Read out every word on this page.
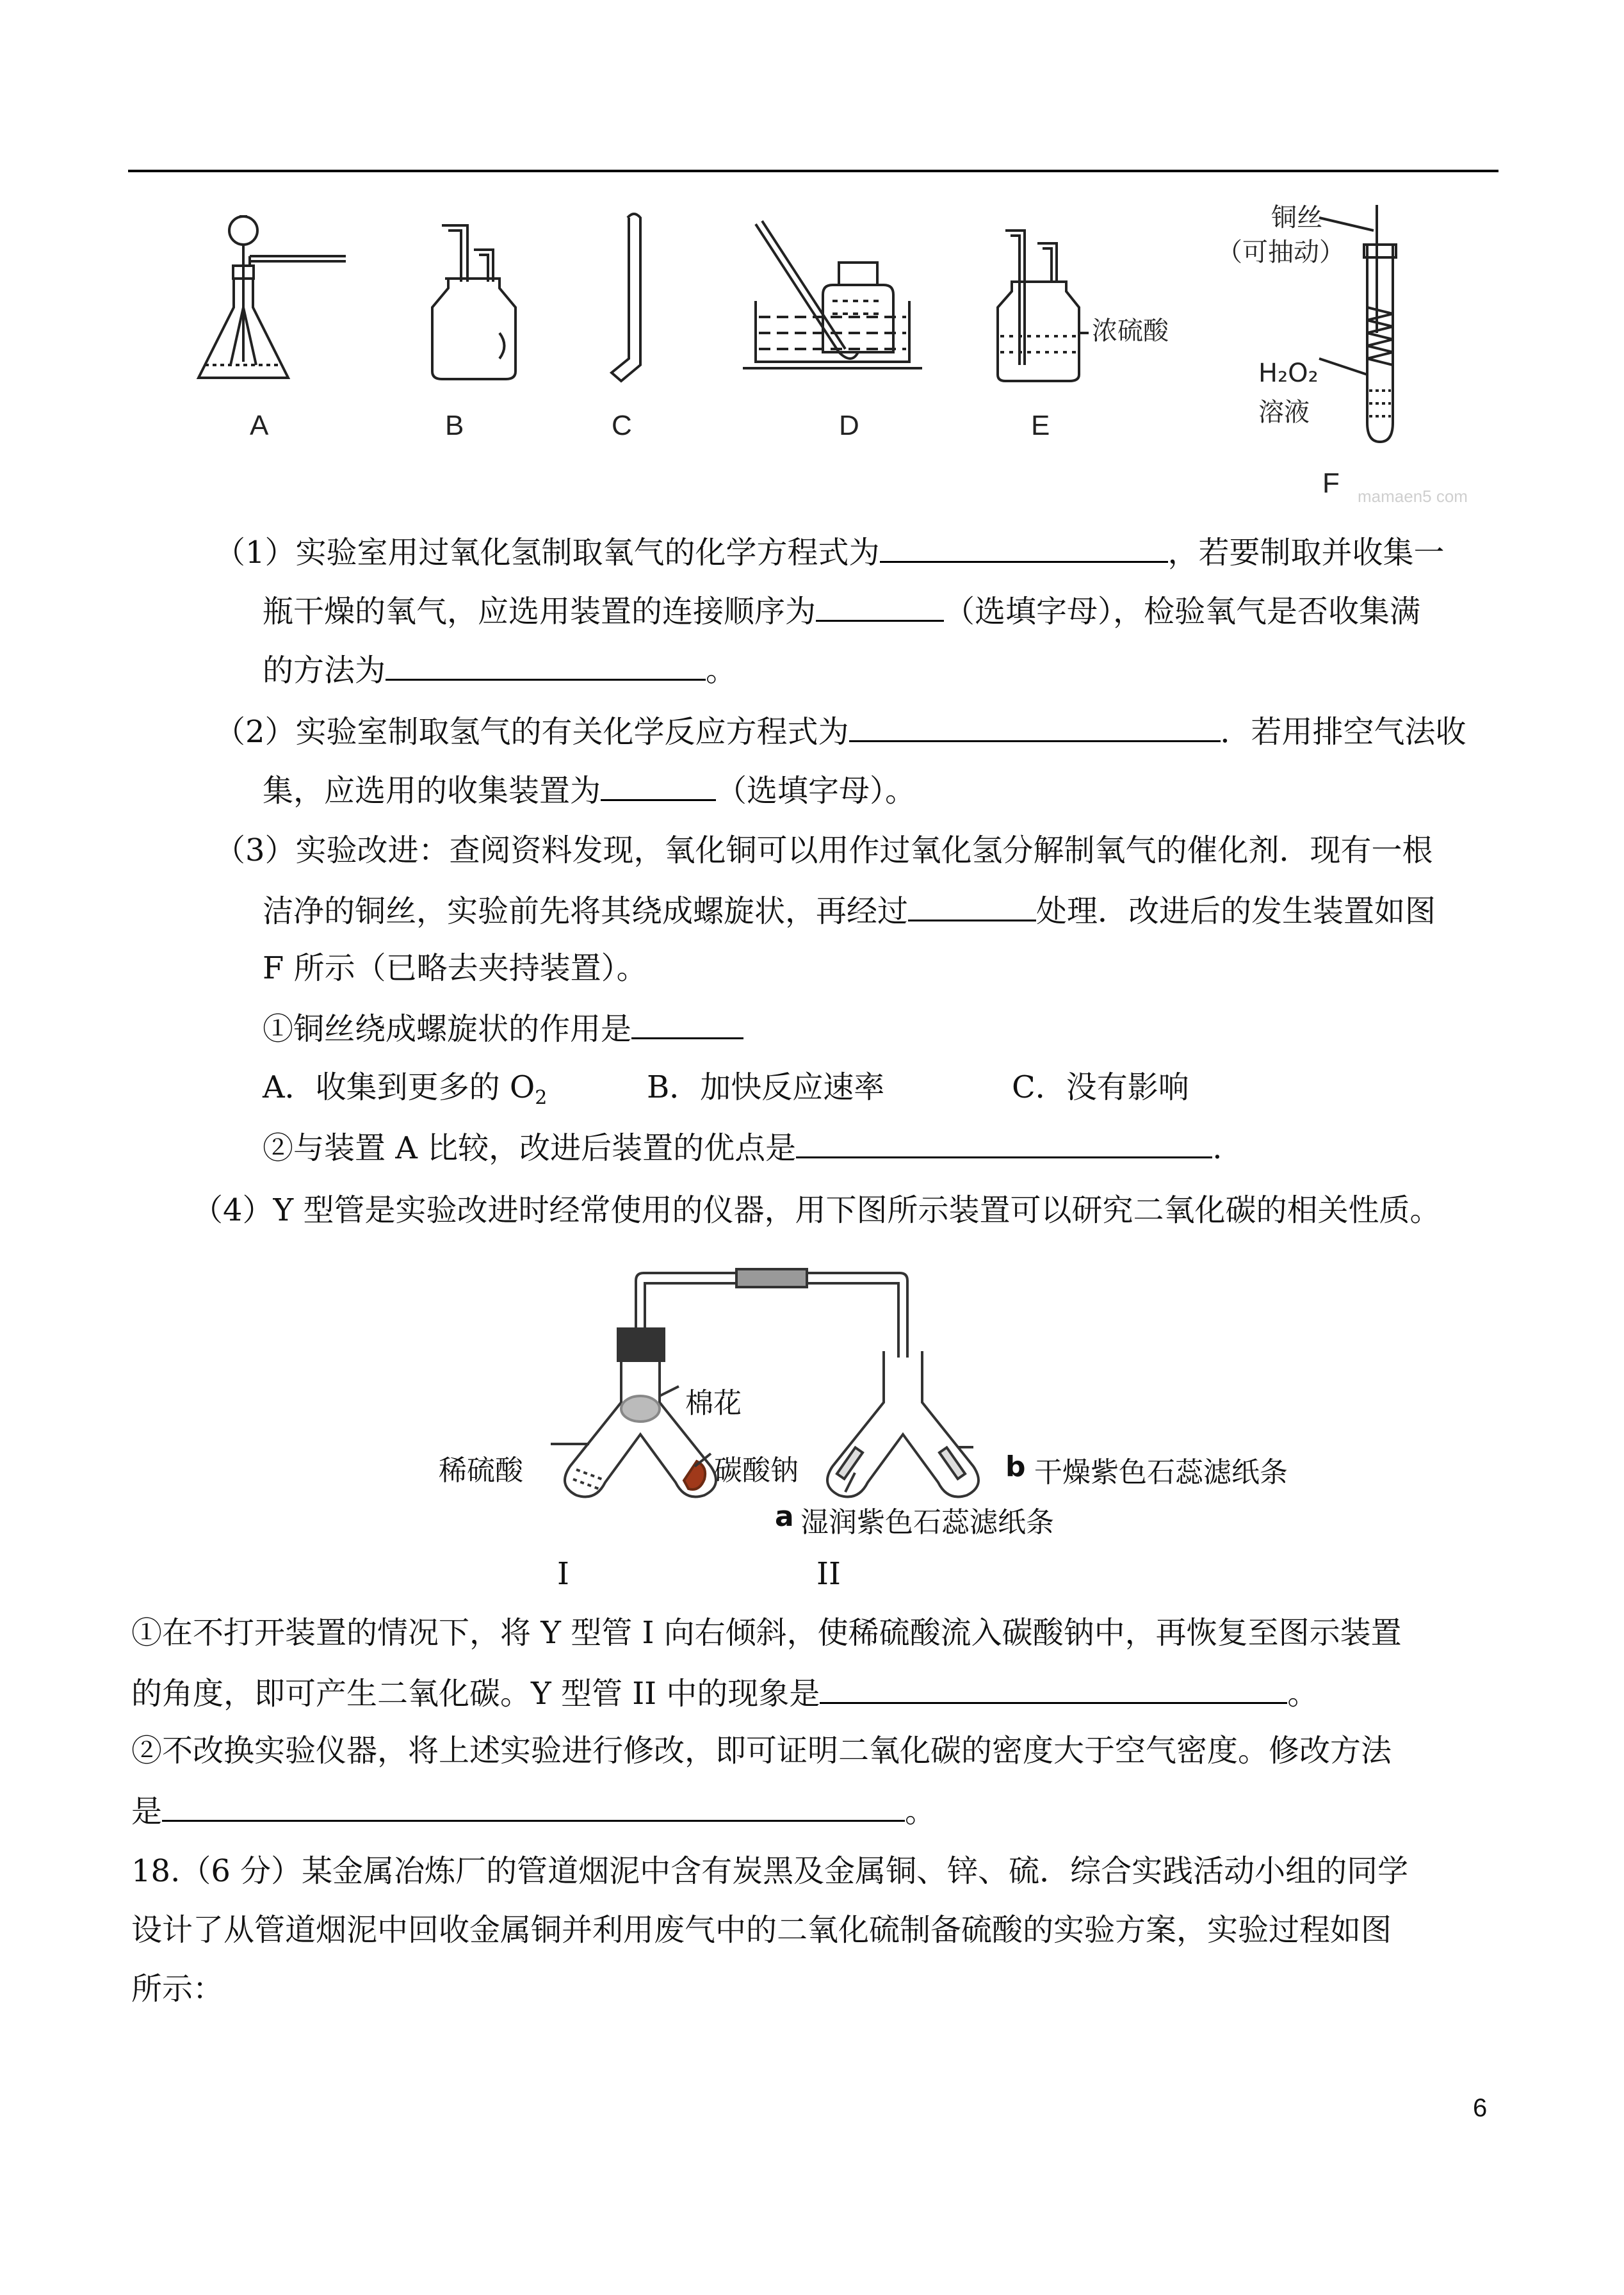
A	B	C	D	E
F
浓硫酸
铜丝
（可抽动）
H₂O₂
溶液
mamaen5 com
（1）实验室用过氧化氢制取氧气的化学方程式为	，若要制取并收集一
瓶干燥的氧气，应选用装置的连接顺序为	（选填字母），检验氧气是否收集满
的方法为	。
（2）实验室制取氢气的有关化学反应方程式为	．若用排空气法收
集，应选用的收集装置为	（选填字母）。
（3）实验改进：查阅资料发现，氧化铜可以用作过氧化氢分解制氧气的催化剂．现有一根
洁净的铜丝，实验前先将其绕成螺旋状，再经过	处理．改进后的发生装置如图
F 所示（已略去夹持装置）。
①铜丝绕成螺旋状的作用是
A．收集到更多的 $O_2$	B．加快反应速率	C．没有影响
②与装置 A 比较，改进后装置的优点是	.
（4）Y 型管是实验改进时经常使用的仪器，用下图所示装置可以研究二氧化碳的相关性质。
棉花
稀硫酸	碳酸钠	b 干燥紫色石蕊滤纸条
a 湿润紫色石蕊滤纸条
I	II
①在不打开装置的情况下，将 Y 型管 I 向右倾斜，使稀硫酸流入碳酸钠中，再恢复至图示装置
的角度，即可产生二氧化碳。Y 型管 II 中的现象是	。
②不改换实验仪器，将上述实验进行修改，即可证明二氧化碳的密度大于空气密度。修改方法
是	。
18.（6 分）某金属冶炼厂的管道烟泥中含有炭黑及金属铜、锌、硫．综合实践活动小组的同学
设计了从管道烟泥中回收金属铜并利用废气中的二氧化硫制备硫酸的实验方案，实验过程如图
所示：
6
